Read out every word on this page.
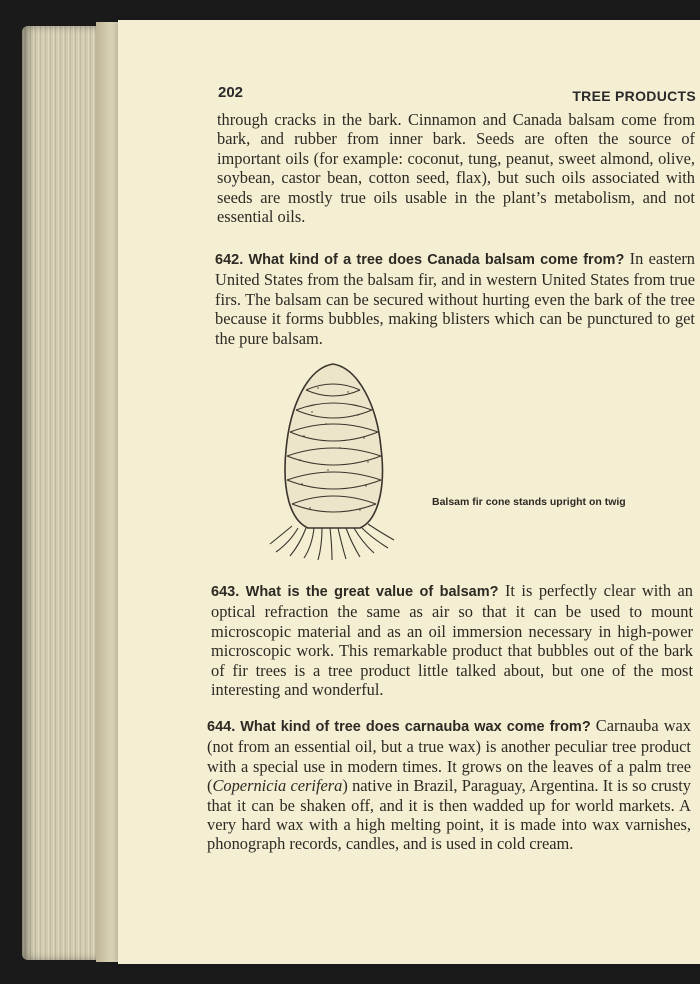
202	TREE PRODUCTS
through cracks in the bark. Cinnamon and Canada balsam come from bark, and rubber from inner bark. Seeds are often the source of important oils (for example: coconut, tung, peanut, sweet almond, olive, soybean, castor bean, cotton seed, flax), but such oils associated with seeds are mostly true oils usable in the plant’s metabolism, and not essential oils.
642. What kind of a tree does Canada balsam come from? In eastern United States from the balsam fir, and in western United States from true firs. The balsam can be secured without hurting even the bark of the tree because it forms bubbles, making blisters which can be punctured to get the pure balsam.
Balsam fir cone stands upright on twig
643. What is the great value of balsam? It is perfectly clear with an optical refraction the same as air so that it can be used to mount microscopic material and as an oil immersion necessary in high-power microscopic work. This remarkable product that bubbles out of the bark of fir trees is a tree product little talked about, but one of the most interesting and wonderful.
644. What kind of tree does carnauba wax come from? Carnauba wax (not from an essential oil, but a true wax) is another peculiar tree product with a special use in modern times. It grows on the leaves of a palm tree (Copernicia cerifera) native in Brazil, Paraguay, Argentina. It is so crusty that it can be shaken off, and it is then wadded up for world markets. A very hard wax with a high melting point, it is made into wax varnishes, phonograph records, candles, and is used in cold cream.
